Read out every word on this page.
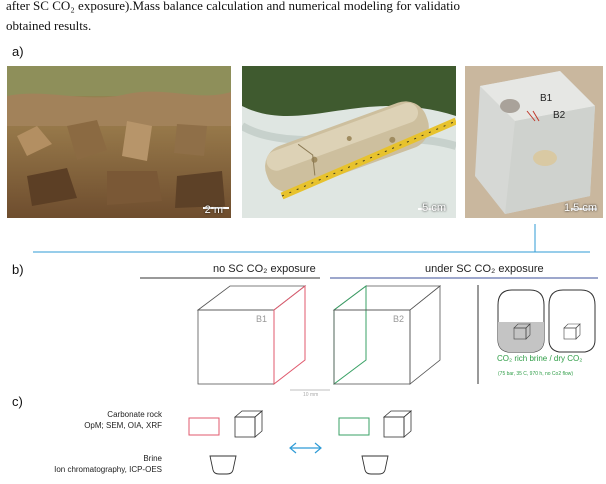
after SC CO₂ exposure).Mass balance calculation and numerical modeling for validatio
obtained results.
a)
2 m	5 cm
B1
B2
1.5 cm
b)	no SC CO₂ exposure	under SC CO₂ exposure
B1	B2
10 mm
CO₂ rich brine / dry CO₂
(75 bar, 35 C, 970 h, no Co2 flow)
c)
Carbonate rock
OpM; SEM, OIA, XRF
Brine
Ion chromatography, ICP-OES
